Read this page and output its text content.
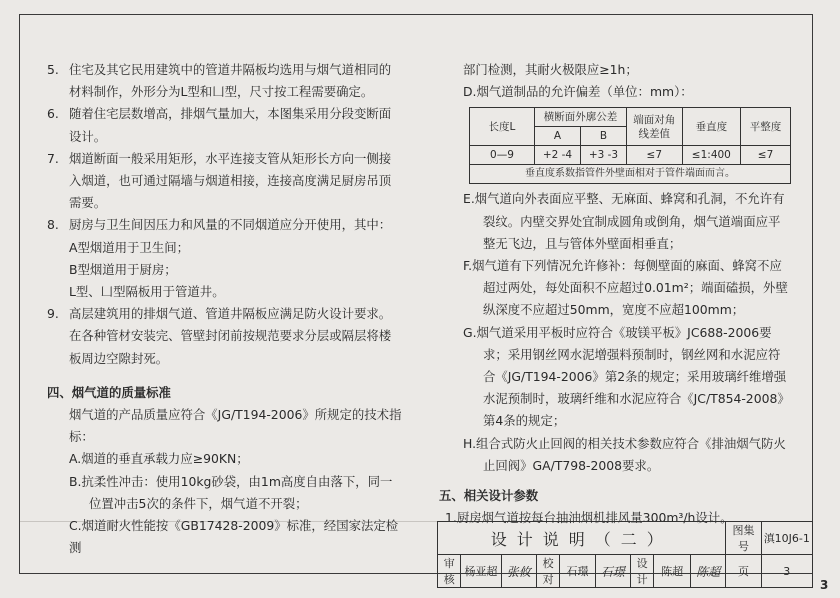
5. 住宅及其它民用建筑中的管道井隔板均选用与烟气道相同的材料制作，外形分为L型和凵型，尺寸按工程需要确定。
6. 随着住宅层数增高，排烟气量加大，本图集采用分段变断面设计。
7. 烟道断面一般采用矩形，水平连接支管从矩形长方向一侧接入烟道，也可通过隔墙与烟道相接，连接高度满足厨房吊顶需要。
8. 厨房与卫生间因压力和风量的不同烟道应分开使用，其中：
A型烟道用于卫生间；
B型烟道用于厨房；
L型、凵型隔板用于管道井。
9. 高层建筑用的排烟气道、管道井隔板应满足防火设计要求。在各种管材安装完、管壁封闭前按规范要求分层或隔层将楼板周边空隙封死。
四、烟气道的质量标准
烟气道的产品质量应符合《JG/T194-2006》所规定的技术指标：
A.烟道的垂直承载力应≥90KN；
B.抗柔性冲击：使用10kg砂袋，由1m高度自由落下，同一位置冲击5次的条件下，烟气道不开裂；
C.烟道耐火性能按《GB17428-2009》标准，经国家法定检测
部门检测，其耐火极限应≥1h；
D.烟气道制品的允许偏差（单位：mm）：
长度L	横断面外廓公差		端面对角线差值	垂直度	平整度
	A	B			
0—9	+2 -4	+3 -3	≤7	≤1:400	≤7
垂直度系数指管件外壁面相对于管件端面而言。					
E.烟气道向外表面应平整、无麻面、蜂窝和孔洞，不允许有裂纹。内壁交界处宜制成圆角或倒角，烟气道端面应平整无飞边，且与管体外壁面相垂直；
F.烟气道有下列情况允许修补：每侧壁面的麻面、蜂窝不应超过两处，每处面积不应超过0.01m²；端面磕损，外壁纵深度不应超过50mm，宽度不应超100mm；
G.烟气道采用平板时应符合《玻镁平板》JC688-2006要求；采用钢丝网水泥增强料预制时，钢丝网和水泥应符合《JG/T194-2006》第2条的规定；采用玻璃纤维增强水泥预制时，玻璃纤维和水泥应符合《JC/T854-2008》第4条的规定；
H.组合式防火止回阀的相关技术参数应符合《排油烟气防火止回阀》GA/T798-2008要求。
五、相关设计参数
1.厨房烟气道按每台抽油烟机排风量300m³/h设计。
设计说明（二）									图集号	滇10J6-1
审核	杨亚超	张攸	校对	石璟	石璟	设计	陈超	陈超	页	3
3
